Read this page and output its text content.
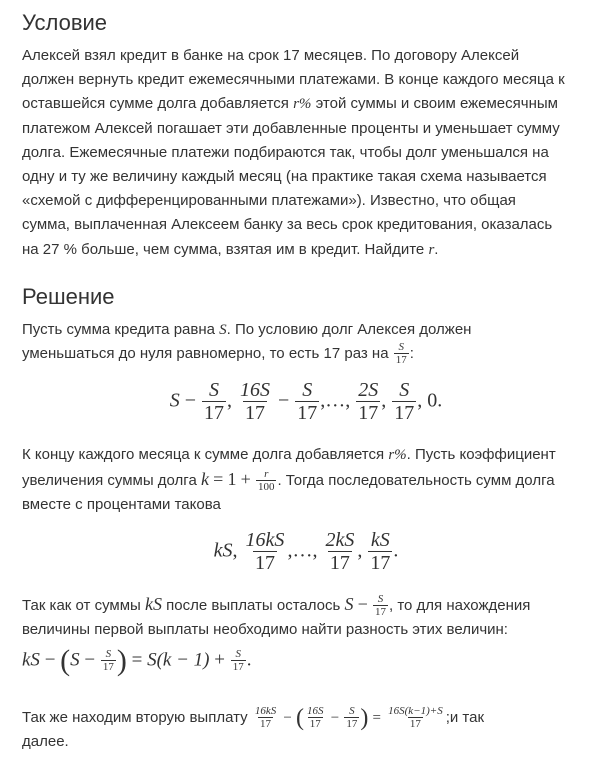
Условие
Алексей взял кредит в банке на срок 17 месяцев. По договору Алексей
должен вернуть кредит ежемесячными платежами. В конце каждого месяца к
оставшейся сумме долга добавляется r% этой суммы и своим ежемесячным
платежом Алексей погашает эти добавленные проценты и уменьшает сумму
долга. Ежемесячные платежи подбираются так, чтобы долг уменьшался на
одну и ту же величину каждый месяц (на практике такая схема называется
«схемой с дифференцированными платежами»). Известно, что общая
сумма, выплаченная Алексеем банку за весь срок кредитования, оказалась
на 27 % больше, чем сумма, взятая им в кредит. Найдите r.
Решение
Пусть сумма кредита равна S. По условию долг Алексея должен
уменьшаться до нуля равномерно, то есть 17 раз на $\frac{S}{17}$ :
$S - \frac{S}{17}$ , $\frac{16S}{17} - \frac{S}{17}$ ,…, $\frac{2S}{17}$ , $\frac{S}{17}$ , 0.
К концу каждого месяца к сумме долга добавляется r%. Пусть коэффициент
увеличения суммы долга $k = 1 + \frac{r}{100}$ . Тогда последовательность сумм долга
вместе с процентами такова
kS, $\frac{16kS}{17}$ ,…, $\frac{2kS}{17}$ , $\frac{kS}{17}$ .
Так как от суммы kS после выплаты осталось $S - \frac{S}{17}$ , то для нахождения
величины первой выплаты необходимо найти разность этих величин:
kS − ($S - \frac{S}{17}$ ) = $S(k - 1) + \frac{S}{17}$ .
Так же находим вторую выплату $\frac{16kS}{17}$ − ( $\frac{16S}{17} - \frac{S}{17}$ ) = $\frac{16S(k-1)+S}{17}$ ;и так
далее.
